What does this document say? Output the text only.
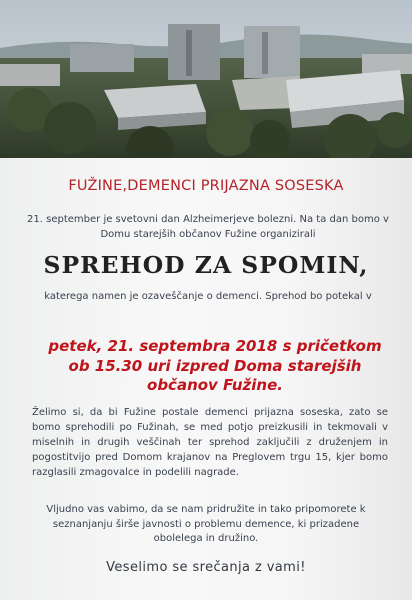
FUŽINE,DEMENCI PRIJAZNA SOSESKA
21. september je svetovni dan Alzheimerjeve bolezni. Na ta dan bomo v Domu starejših občanov Fužine organizirali
SPREHOD ZA SPOMIN,
katerega namen je ozaveščanje o demenci. Sprehod bo potekal v
petek, 21. septembra 2018 s pričetkom ob 15.30 uri izpred Doma starejših občanov Fužine.
Želimo si, da bi Fužine postale demenci prijazna soseska, zato se bomo sprehodili po Fužinah, se med potjo preizkusili in tekmovali v miselnih in drugih veščinah ter sprehod zaključili z druženjem in pogostitvijo pred Domom krajanov na Preglovem trgu 15, kjer bomo razglasili zmagovalce in podelili nagrade.
Vljudno vas vabimo, da se nam pridružite in tako pripomorete k seznanjanju širše javnosti o problemu demence, ki prizadene obolelega in družino.
Veselimo se srečanja z vami!
